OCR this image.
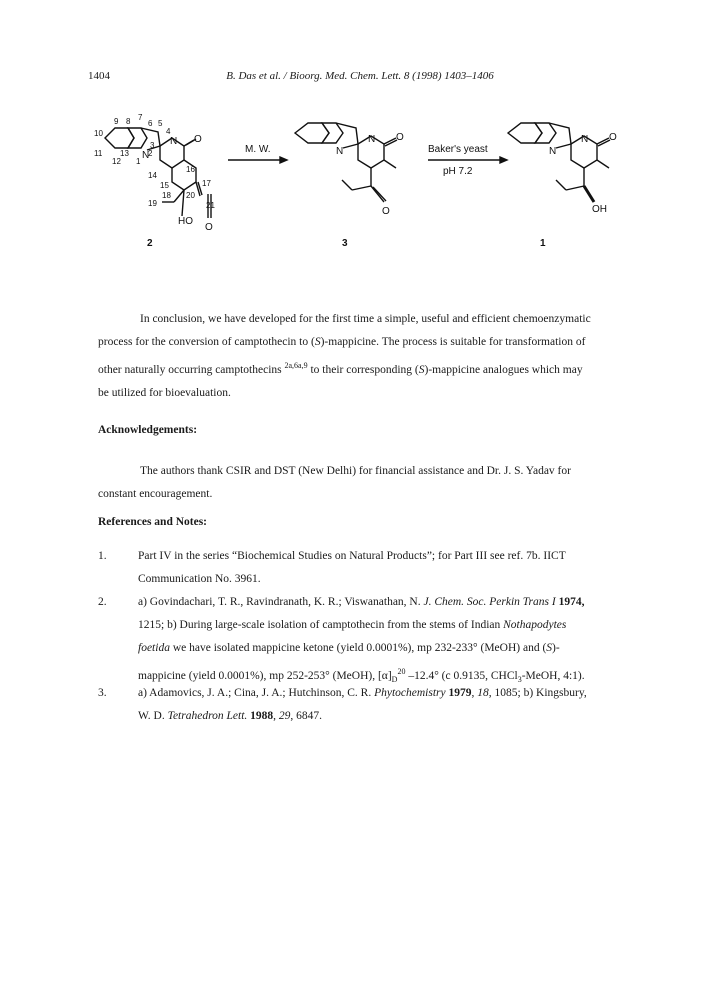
1404	B. Das et al. / Bioorg. Med. Chem. Lett. 8 (1998) 1403–1406
9 8 7
6 5
10
11
12
13 2
1
3
4
16
14
15	17
18
19
20
21
N
N O
HO
O
N
N O
O
N
N O
OH
M. W.	Baker's yeast
pH 7.2
2	3	1
In conclusion, we have developed for the first time a simple, useful and efficient chemoenzymatic
process for the conversion of camptothecin to (S)-mappicine. The process is suitable for transformation of
other naturally occurring camptothecins $^{2a,6a,9}$ to their corresponding (S)-mappicine analogues which may
be utilized for bioevaluation.
Acknowledgements:
The authors thank CSIR and DST (New Delhi) for financial assistance and Dr. J. S. Yadav for
constant encouragement.
References and Notes:
1.	Part IV in the series “Biochemical Studies on Natural Products”; for Part III see ref. 7b. IICT
Communication No. 3961.
2.	a) Govindachari, T. R., Ravindranath, K. R.; Viswanathan, N. J. Chem. Soc. Perkin Trans I 1974,
1215; b) During large-scale isolation of camptothecin from the stems of Indian Nothapodytes
foetida we have isolated mappicine ketone (yield 0.0001%), mp 232-233° (MeOH) and (S)-
mappicine (yield 0.0001%), mp 252-253° (MeOH), $[\alpha]_D^{20}$ –12.4° (c 0.9135, CHCl$_3$-MeOH, 4:1).
3.	a) Adamovics, J. A.; Cina, J. A.; Hutchinson, C. R. Phytochemistry 1979, 18, 1085; b) Kingsbury,
W. D. Tetrahedron Lett. 1988, 29, 6847.
